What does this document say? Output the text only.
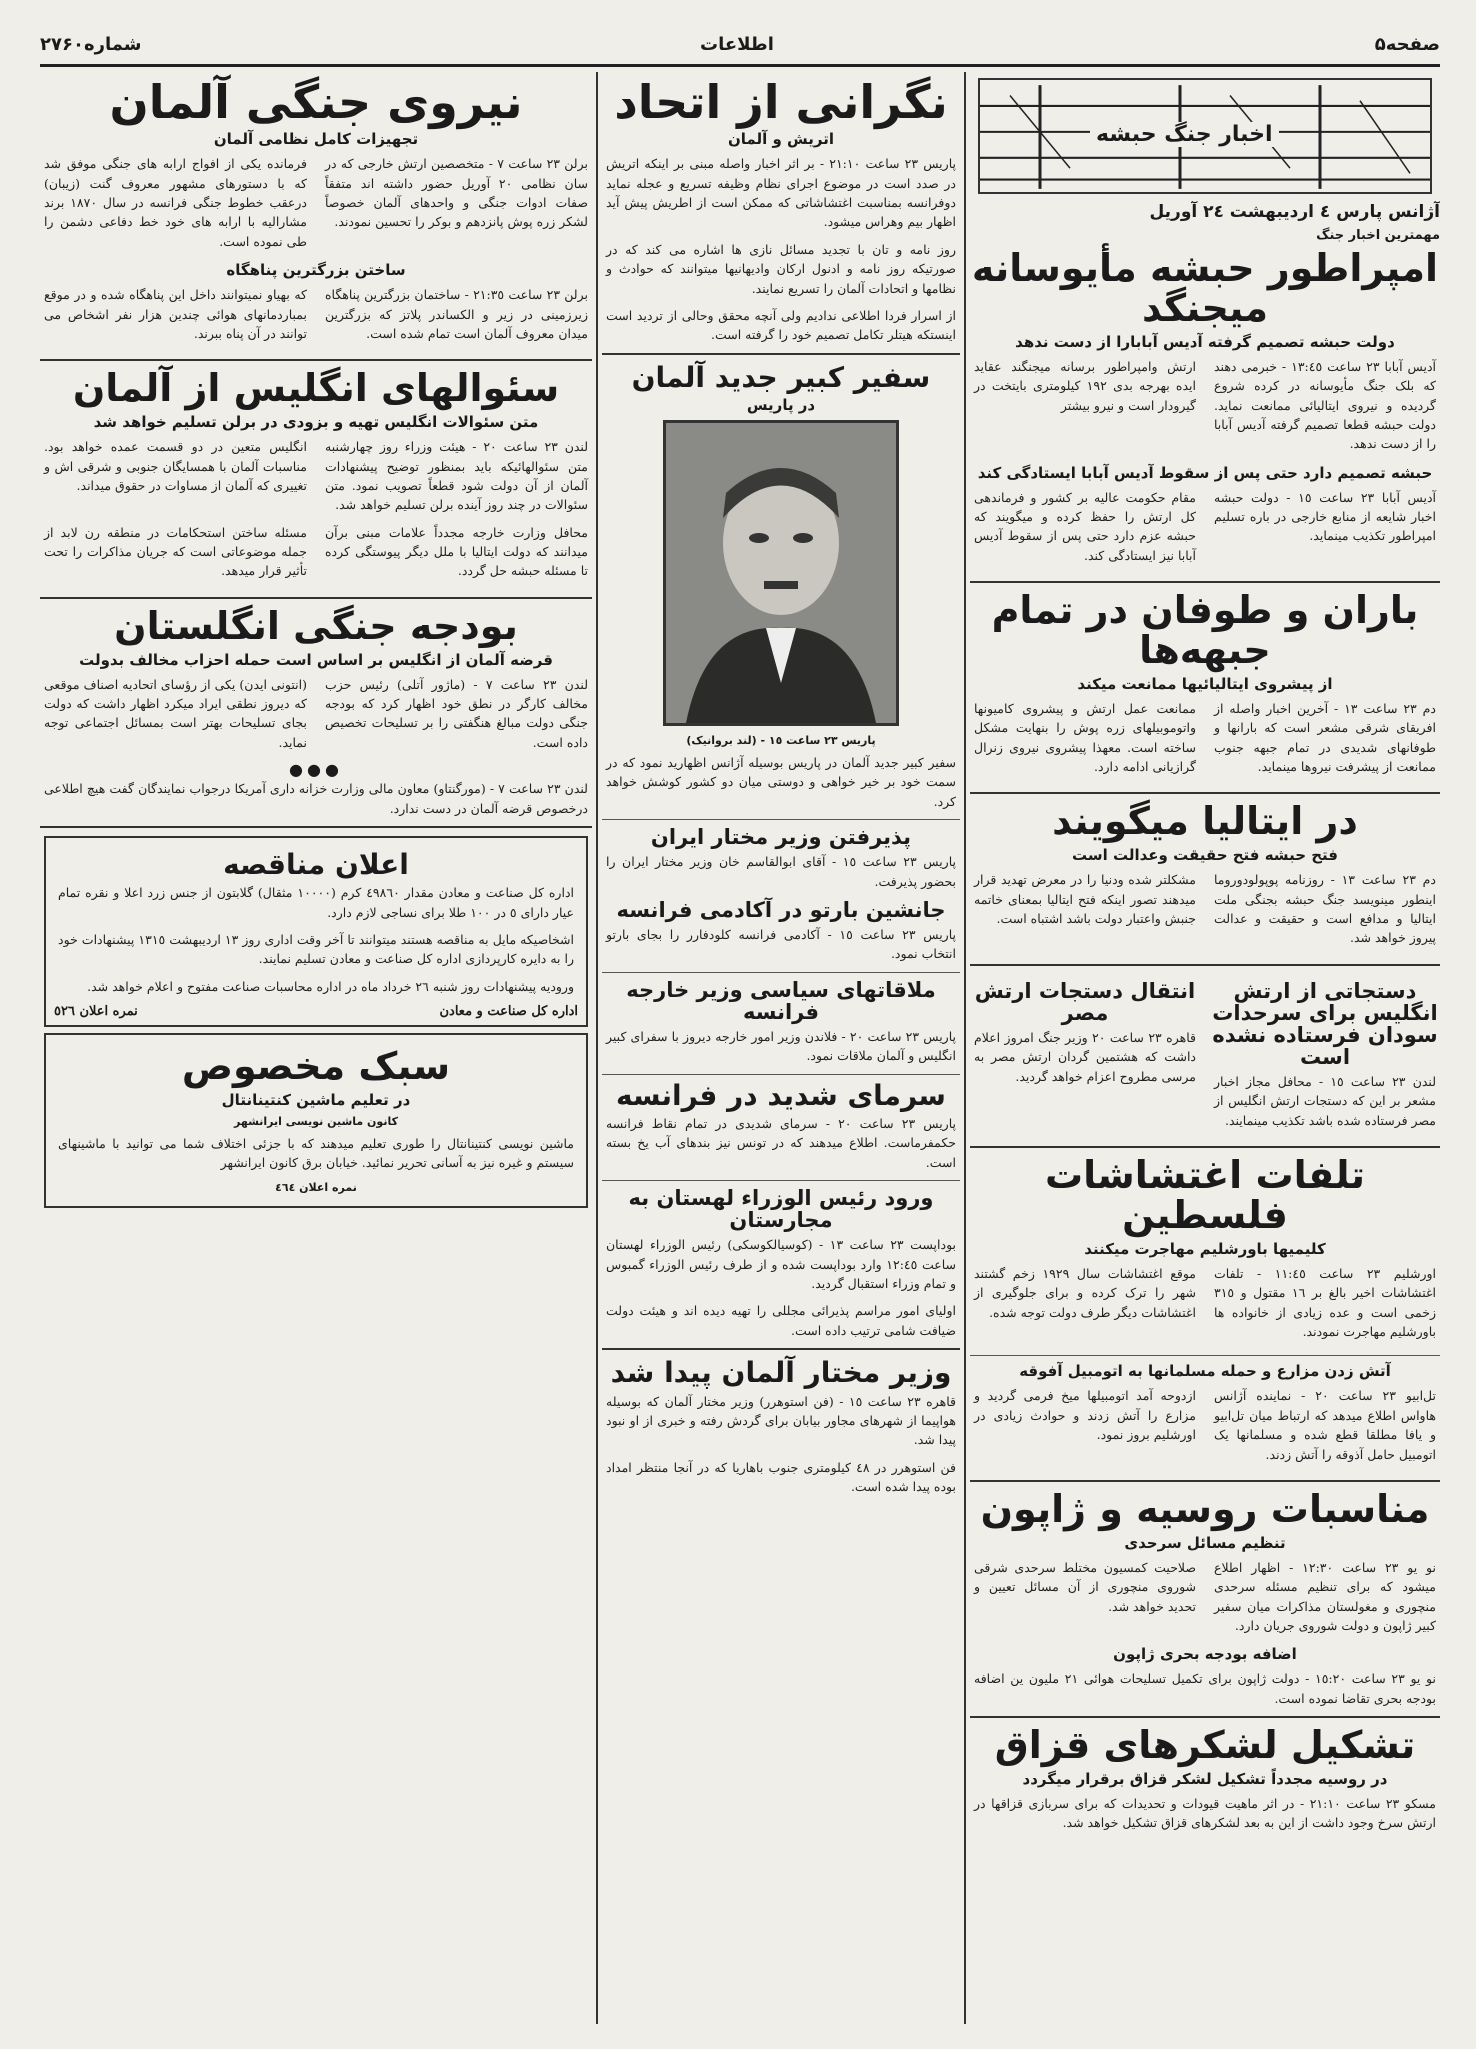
صفحه۵
اطلاعات
شماره۲۷۶۰
اخبار جنگ حبشه
آژانس پارس ٤ اردیبهشت ٢٤ آوریل
مهمترین اخبار جنگ
امپراطور حبشه مأیوسانه میجنگد
دولت حبشه تصمیم گرفته آدیس آبابارا از دست ندهد

آدیس آبابا ٢٣ ساعت ١٣:٤٥ - خبرمی دهند که بلک جنگ مأیوسانه در کرده شروع گردیده و نیروی ایتالیائی ممانعت نماید. دولت حبشه قطعا تصمیم گرفته آدیس آبابا را از دست ندهد.

ارتش وامپراطور برسانه میجنگند عقاید ایده بهرجه بدی ١٩٢ کیلومتری بایتخت در گیرودار است و نیرو بیشتر

حبشه تصمیم دارد حتی پس از سقوط آدیس آبابا ایستادگی کند

آدیس آبابا ٢٣ ساعت ١٥ - دولت حبشه اخبار شایعه از منابع خارجی در باره تسلیم امپراطور تکذیب مینماید.

مقام حکومت عالیه بر کشور و فرماندهی کل ارتش را حفظ کرده و میگویند که حبشه عزم دارد حتی پس از سقوط آدیس آبابا نیز ایستادگی کند.

باران و طوفان در تمام جبهه‌ها
از پیشروی ایتالیائیها ممانعت میکند

دم ٢٣ ساعت ١٣ - آخرین اخبار واصله از افریقای شرقی مشعر است که بارانها و طوفانهای شدیدی در تمام جبهه جنوب ممانعت از پیشرفت نیروها مینماید.

ممانعت عمل ارتش و پیشروی کامیونها واتوموبیلهای زره پوش را بنهایت مشکل ساخته است. معهذا پیشروی نیروی زنرال گرازیانی ادامه دارد.

در ایتالیا میگویند
فتح حبشه فتح حقیقت وعدالت است

دم ٢٣ ساعت ١٣ - روزنامه پوپولودوروما اینطور مینویسد جنگ حبشه بجنگی ملت ایتالیا و مدافع است و حقیقت و عدالت پیروز خواهد شد.

مشکلتر شده ودنیا را در معرض تهدید قرار میدهند تصور اینکه فتح ایتالیا بمعنای خاتمه جنبش واعتبار دولت باشد اشتباه است.

دستجاتی از ارتش انگلیس برای سرحدات سودان فرستاده نشده است

لندن ٢٣ ساعت ١٥ - محافل مجاز اخبار مشعر بر این که دستجات ارتش انگلیس از مصر فرستاده شده باشد تکذیب مینمایند.

انتقال دستجات ارتش مصر

قاهره ٢٣ ساعت ٢٠ وزیر جنگ امروز اعلام داشت که هشتمین گردان ارتش مصر به مرسی مطروح اعزام خواهد گردید.

تلفات اغتشاشات فلسطین
کلیمیها باورشلیم مهاجرت میکنند

اورشلیم ٢٣ ساعت ١١:٤٥ - تلفات اغتشاشات اخیر بالغ بر ١٦ مقتول و ٣١٥ زخمی است و عده زیادی از خانواده ها باورشلیم مهاجرت نمودند.

موقع اغتشاشات سال ١٩٢٩ زخم گشتند شهر را ترک کرده و برای جلوگیری از اغتشاشات دیگر طرف دولت توجه شده.

آتش زدن مزارع و حمله مسلمانها به اتومبیل آفوقه

تل‌ابیو ٢٣ ساعت ٢٠ - نماینده آژانس هاواس اطلاع میدهد که ارتباط میان تل‌ابیو و یافا مطلقا قطع شده و مسلمانها یک اتومبیل حامل آذوقه را آتش زدند.

ازدوحه آمد اتومبیلها میخ فرمی گردید و مزارع را آتش زدند و حوادث زیادی در اورشلیم بروز نمود.

مناسبات روسیه و ژاپون
تنظیم مسائل سرحدی

نو یو ٢٣ ساعت ١٢:٣٠ - اظهار اطلاع میشود که برای تنظیم مسئله سرحدی منچوری و مغولستان مذاکرات میان سفیر کبیر ژاپون و دولت شوروی جریان دارد.

صلاحیت کمسیون مختلط سرحدی شرقی شوروی منچوری از آن مسائل تعیین و تحدید خواهد شد.

اضافه بودجه بحری ژاپون

نو یو ٢٣ ساعت ١٥:٢٠ - دولت ژاپون برای تکمیل تسلیحات هوائی ٢١ ملیون ین اضافه بودجه بحری تقاضا نموده است.

تشکیل لشکرهای قزاق
در روسیه مجدداً تشکیل لشکر قزاق برقرار میگردد

مسکو ٢٣ ساعت ٢١:١٠ - در اثر ماهیت قیودات و تحدیدات که برای سربازی قزاقها در ارتش سرخ وجود داشت از این به بعد لشکرهای قزاق تشکیل خواهد شد.

نگرانی از اتحاد
اتریش و آلمان

پاریس ٢٣ ساعت ٢١:١٠ - بر اثر اخبار واصله مبنی بر اینکه اتریش در صدد است در موضوع اجرای نظام وظیفه تسریع و عجله نماید دوفرانسه بمناسبت اغتشاشاتی که ممکن است از اطریش پیش آید اظهار بیم وهراس میشود.

روز نامه و تان با تجدید مسائل نازی ها اشاره می کند که در صورتیکه روز نامه و ادنول ارکان وادیهانیها میتوانند که حوادث و نظامها و اتحادات آلمان را تسریع نمایند.

از اسرار فردا اطلاعی ندادیم ولی آنچه محقق وحالی از تردید است اینستکه هیتلر تکامل تصمیم خود را گرفته است.

سفیر کبیر جدید آلمان
در پاریس
پاریس ٢٣ ساعت ١٥ - (لند بروانیک)

سفیر کبیر جدید آلمان در پاریس بوسیله آژانس اظهارید نمود که در سمت خود بر خیر خواهی و دوستی میان دو کشور کوشش خواهد کرد.

پذیرفتن وزیر مختار ایران

پاریس ٢٣ ساعت ١٥ - آقای ابوالقاسم خان وزیر مختار ایران را بحضور پذیرفت.

جانشین بارتو در آکادمی فرانسه

پاریس ٢٣ ساعت ١٥ - آکادمی فرانسه کلودفارر را بجای بارتو انتخاب نمود.

ملاقاتهای سیاسی وزیر خارجه فرانسه

پاریس ٢٣ ساعت ٢٠ - فلاندن وزیر امور خارجه دیروز با سفرای کبیر انگلیس و آلمان ملاقات نمود.

سرمای شدید در فرانسه

پاریس ٢٣ ساعت ٢٠ - سرمای شدیدی در تمام نقاط فرانسه حکمفرماست. اطلاع میدهند که در تونس نیز بندهای آب یخ بسته است.

ورود رئیس الوزراء لهستان به مجارستان

بوداپست ٢٣ ساعت ١٣ - (کوسیالکوسکی) رئیس الوزراء لهستان ساعت ١٢:٤٥ وارد بوداپست شده و از طرف رئیس الوزراء گمبوس و تمام وزراء استقبال گردید.

اولیای امور مراسم پذیرائی مجللی را تهیه دیده اند و هیئت دولت ضیافت شامی ترتیب داده است.

وزیر مختار آلمان پیدا شد

قاهره ٢٣ ساعت ١٥ - (فن استوهرر) وزیر مختار آلمان که بوسیله هواپیما از شهرهای مجاور بیابان برای گردش رفته و خبری از او نبود پیدا شد.

فن استوهرر در ٤٨ کیلومتری جنوب باهاریا که در آنجا منتظر امداد بوده پیدا شده است.

نیروی جنگی آلمان
تجهیزات کامل نظامی آلمان

برلن ٢٣ ساعت ٧ - متخصصین ارتش خارجی که در سان نظامی ٢٠ آوریل حضور داشته اند متفقاً صفات ادوات جنگی و واحدهای آلمان خصوصاً لشکر زره پوش پانزدهم و بوکر را تحسین نمودند.

فرمانده یکی از افواج ارابه های جنگی موفق شد که با دستورهای مشهور معروف گنت (زیبان) درعقب خطوط جنگی فرانسه در سال ١٨٧٠ برند مشارالیه با ارابه های خود خط دفاعی دشمن را طی نموده است.

ساختن بزرگترین پناهگاه

برلن ٢٣ ساعت ٢١:٣٥ - ساختمان بزرگترین پناهگاه زیرزمینی در زیر و الکساندر پلاتز که بزرگترین میدان معروف آلمان است تمام شده است.

که بهیاو نمیتوانند داخل این پناهگاه شده و در موقع بمباردمانهای هوائی چندین هزار نفر اشخاص می توانند در آن پناه ببرند.

سئوالهای انگلیس از آلمان
متن سئوالات انگلیس تهیه و بزودی در برلن تسلیم خواهد شد

لندن ٢٣ ساعت ٢٠ - هیئت وزراء روز چهارشنبه متن سئوالهائیکه باید بمنظور توضیح پیشنهادات آلمان از آن دولت شود قطعاً تصویب نمود. متن سئوالات در چند روز آینده برلن تسلیم خواهد شد.

انگلیس متعین در دو قسمت عمده خواهد بود. مناسبات آلمان با همسایگان جنوبی و شرقی اش و تغییری که آلمان از مساوات در حقوق میداند.

محافل وزارت خارجه مجدداً علامات مبنی برآن میدانند که دولت ایتالیا با ملل دیگر پیوستگی کرده تا مسئله حبشه حل گردد.

مسئله ساختن استحکامات در منطقه رن لابد از جمله موضوعاتی است که جریان مذاکرات را تحت تأثیر قرار میدهد.

بودجه جنگی انگلستان
قرضه آلمان از انگلیس بر اساس است حمله احزاب مخالف بدولت

لندن ٢٣ ساعت ٧ - (ماژور آتلی) رئیس حزب مخالف کارگر در نطق خود اظهار کرد که بودجه جنگی دولت مبالغ هنگفتی را بر تسلیحات تخصیص داده است.

(انتونی ایدن) یکی از رؤسای اتحادیه اصناف موقعی که دیروز نطقی ایراد میکرد اظهار داشت که دولت بجای تسلیحات بهتر است بمسائل اجتماعی توجه نماید.

●●●

لندن ٢٣ ساعت ٧ - (مورگنتاو) معاون مالی وزارت خزانه داری آمریکا درجواب نمایندگان گفت هیچ اطلاعی درخصوص قرضه آلمان در دست ندارد.

اعلان مناقصه

اداره کل صناعت و معادن مقدار ٤٩٨٦٠ کرم (١٠٠٠٠ مثقال) گلابتون از جنس زرد اعلا و نقره تمام عیار دارای ٥ در ١٠٠ طلا برای نساجی لازم دارد.

اشخاصیکه مایل به مناقصه هستند میتوانند تا آخر وقت اداری روز ١٣ اردیبهشت ١٣١٥ پیشنهادات خود را به دایره کارپردازی اداره کل صناعت و معادن تسلیم نمایند.

ورودیه پیشنهادات روز شنبه ٢٦ خرداد ماه در اداره محاسبات صناعت مفتوح و اعلام خواهد شد.

اداره کل صناعت و معادن
نمره اعلان ٥٢٦
سبک مخصوص
در تعلیم ماشین کنتینانتال
کانون ماشین نویسی ایرانشهر

ماشین نویسی کنتینانتال را طوری تعلیم میدهند که با جزئی اختلاف شما می توانید با ماشینهای سیستم و غیره نیز به آسانی تحریر نمائید. خیابان برق کانون ایرانشهر

نمره اعلان ٤٦٤
